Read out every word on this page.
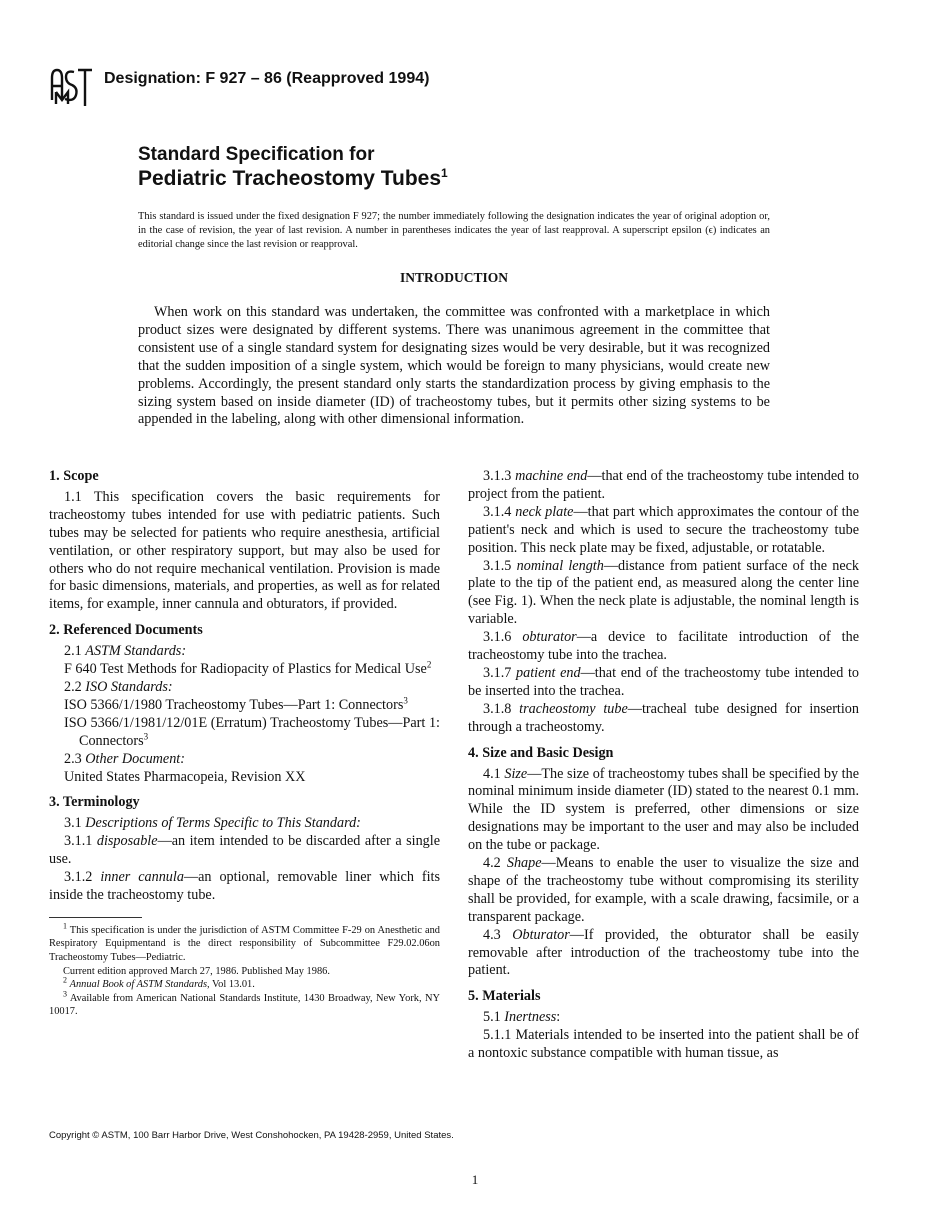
ASTM
Designation: F 927 – 86 (Reapproved 1994)
Standard Specification for
Pediatric Tracheostomy Tubes$^1$
This standard is issued under the fixed designation F 927; the number immediately following the designation indicates the year of original adoption or, in the case of revision, the year of last revision. A number in parentheses indicates the year of last reapproval. A superscript epsilon (ϵ) indicates an editorial change since the last revision or reapproval.
INTRODUCTION
When work on this standard was undertaken, the committee was confronted with a marketplace in which product sizes were designated by different systems. There was unanimous agreement in the committee that consistent use of a single standard system for designating sizes would be very desirable, but it was recognized that the sudden imposition of a single system, which would be foreign to many physicians, would create new problems. Accordingly, the present standard only starts the standardization process by giving emphasis to the sizing system based on inside diameter (ID) of tracheostomy tubes, but it permits other sizing systems to be appended in the labeling, along with other dimensional information.
1. Scope

1.1 This specification covers the basic requirements for tracheostomy tubes intended for use with pediatric patients. Such tubes may be selected for patients who require anesthesia, artificial ventilation, or other respiratory support, but may also be used for others who do not require mechanical ventilation. Provision is made for basic dimensions, materials, and properties, as well as for related items, for example, inner cannula and obturators, if provided.

2. Referenced Documents

2.1 ASTM Standards:

F 640 Test Methods for Radiopacity of Plastics for Medical Use$^2$

2.2 ISO Standards:

ISO 5366/1/1980 Tracheostomy Tubes—Part 1: Connectors$^3$

ISO 5366/1/1981/12/01E (Erratum) Tracheostomy Tubes—Part 1: Connectors$^3$

2.3 Other Document:

United States Pharmacopeia, Revision XX

3. Terminology

3.1 Descriptions of Terms Specific to This Standard:

3.1.1 disposable—an item intended to be discarded after a single use.

3.1.2 inner cannula—an optional, removable liner which fits inside the tracheostomy tube.

$^1$ This specification is under the jurisdiction of ASTM Committee F-29 on Anesthetic and Respiratory Equipmentand is the direct responsibility of Subcommittee F29.02.06on Tracheostomy Tubes—Pediatric.

Current edition approved March 27, 1986. Published May 1986.

$^2$ Annual Book of ASTM Standards, Vol 13.01.

$^3$ Available from American National Standards Institute, 1430 Broadway, New York, NY 10017.

3.1.3 machine end—that end of the tracheostomy tube intended to project from the patient.

3.1.4 neck plate—that part which approximates the contour of the patient's neck and which is used to secure the tracheostomy tube position. This neck plate may be fixed, adjustable, or rotatable.

3.1.5 nominal length—distance from patient surface of the neck plate to the tip of the patient end, as measured along the center line (see Fig. 1). When the neck plate is adjustable, the nominal length is variable.

3.1.6 obturator—a device to facilitate introduction of the tracheostomy tube into the trachea.

3.1.7 patient end—that end of the tracheostomy tube intended to be inserted into the trachea.

3.1.8 tracheostomy tube—tracheal tube designed for insertion through a tracheostomy.

4. Size and Basic Design

4.1 Size—The size of tracheostomy tubes shall be specified by the nominal minimum inside diameter (ID) stated to the nearest 0.1 mm. While the ID system is preferred, other dimensions or size designations may be important to the user and may also be included on the tube or package.

4.2 Shape—Means to enable the user to visualize the size and shape of the tracheostomy tube without compromising its sterility shall be provided, for example, with a scale drawing, facsimile, or a transparent package.

4.3 Obturator—If provided, the obturator shall be easily removable after introduction of the tracheostomy tube into the patient.

5. Materials

5.1 Inertness:

5.1.1 Materials intended to be inserted into the patient shall be of a nontoxic substance compatible with human tissue, as

Copyright © ASTM, 100 Barr Harbor Drive, West Conshohocken, PA 19428-2959, United States.
1
